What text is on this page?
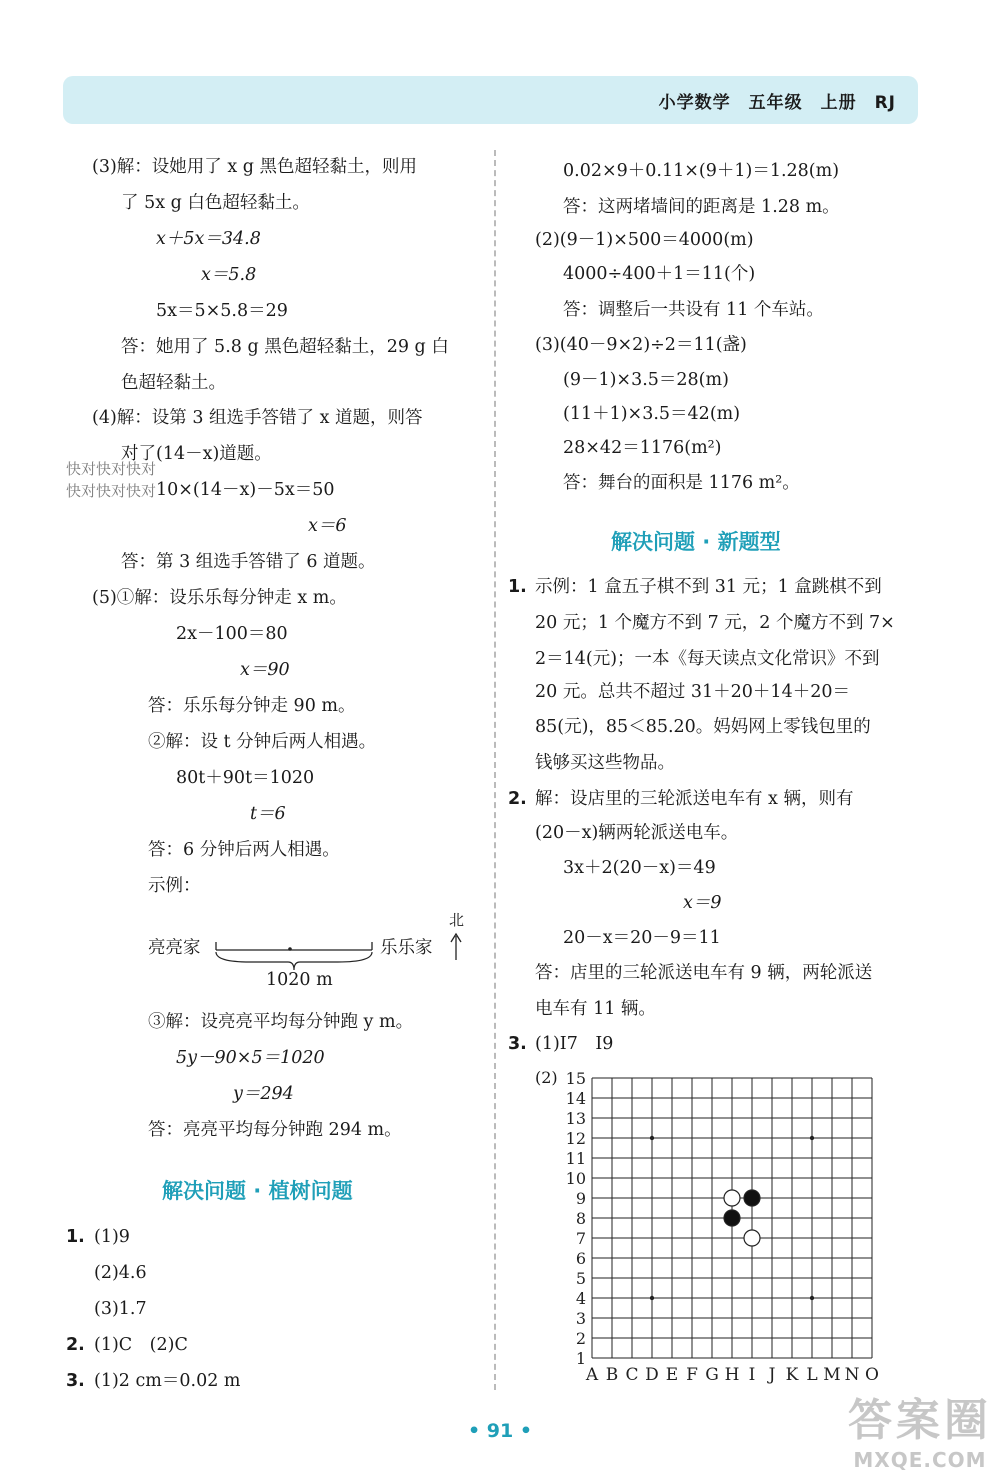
小学数学　五年级　上册　RJ
(3)解：设她用了 x g 黑色超轻黏土，则用
了 5x g 白色超轻黏土。
x＋5x＝34.8
x＝5.8
5x＝5×5.8＝29
答：她用了 5.8 g 黑色超轻黏土，29 g 白
色超轻黏土。
(4)解：设第 3 组选手答错了 x 道题，则答
对了(14－x)道题。
快对快对快对
快对快对快对 10×(14－x)－5x＝50
x＝6
答：第 3 组选手答错了 6 道题。
(5)①解：设乐乐每分钟走 x m。
2x－100＝80
x＝90
答：乐乐每分钟走 90 m。
②解：设 t 分钟后两人相遇。
80t＋90t＝1020
t＝6
答：6 分钟后两人相遇。
示例：
亮亮家	乐乐家
1020 m
北
③解：设亮亮平均每分钟跑 y m。
5y－90×5＝1020
y＝294
答：亮亮平均每分钟跑 294 m。
解决问题 · 植树问题
1. (1)9
(2)4.6
(3)1.7
2. (1)C　(2)C
3. (1)2 cm＝0.02 m
0.02×9＋0.11×(9＋1)＝1.28(m)
答：这两堵墙间的距离是 1.28 m。
(2)(9－1)×500＝4000(m)
4000÷400＋1＝11(个)
答：调整后一共设有 11 个车站。
(3)(40－9×2)÷2＝11(盏)
(9－1)×3.5＝28(m)
(11＋1)×3.5＝42(m)
28×42＝1176(m²)
答：舞台的面积是 1176 m²。
解决问题 · 新题型
1. 示例：1 盒五子棋不到 31 元；1 盒跳棋不到
20 元；1 个魔方不到 7 元，2 个魔方不到 7×
2＝14(元)；一本《每天读点文化常识》不到
20 元。总共不超过 31＋20＋14＋20＝
85(元)，85＜85.20。妈妈网上零钱包里的
钱够买这些物品。
2. 解：设店里的三轮派送电车有 x 辆，则有
(20－x)辆两轮派送电车。
3x＋2(20－x)＝49
x＝9
20－x＝20－9＝11
答：店里的三轮派送电车有 9 辆，两轮派送
电车有 11 辆。
3. (1)I7　I9
(2)
1
2
3
4
5
6
7
8
9
10
11
12
13
14
15
A B C D E F G H I J K L M N O
• 91 •	答案圈
MXQE.COM
